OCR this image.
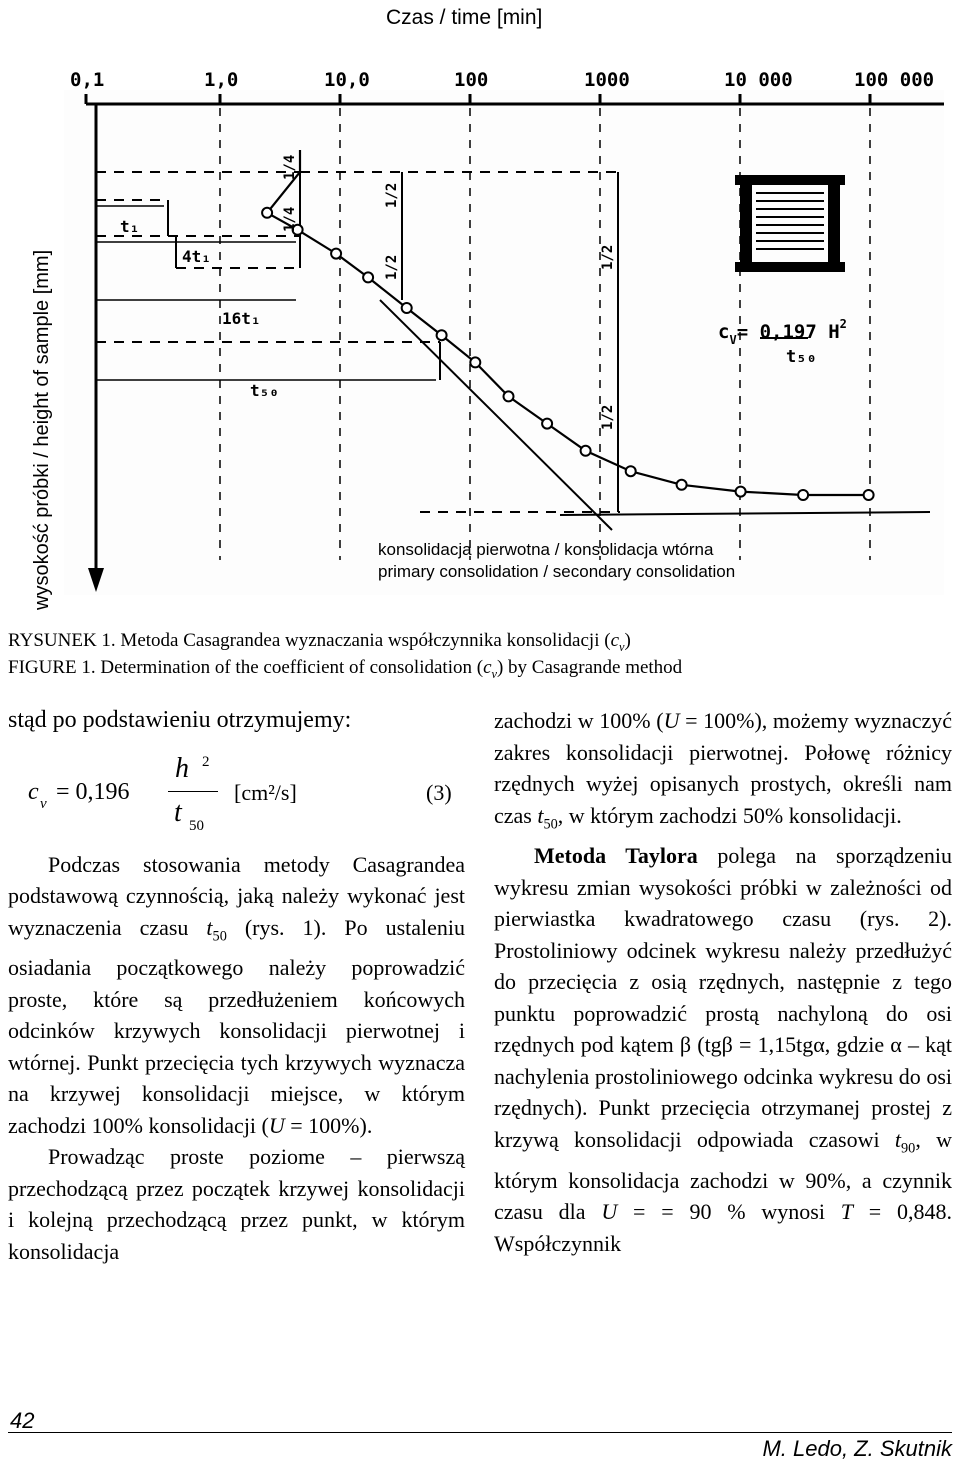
Czas / time [min]
0,1	1,0	10,0	100	1000	10 000	100 000
wysokość próbki / height of sample [mm]
t₁
4t₁
16t₁
t₅₀
1/4
1/4
1/2
1/2	1/2
1/2
$c_V= 0,197$ $H^2$
t₅₀
konsolidacja pierwotna / konsolidacja wtórna
primary consolidation / secondary consolidation
RYSUNEK 1. Metoda Casagrandea wyznaczania współczynnika konsolidacji $(c_v)$
FIGURE 1. Determination of the coefficient of consolidation $(c_v)$ by Casagrande method

stąd po podstawieniu otrzymujemy:

c v = 0,196
h 2
t 50
[cm²/s]	(3)

Podczas stosowania metody Casagrandea podstawową czynnością, jaką należy wykonać jest wyznaczenia czasu $t_{50}$ (rys. 1). Po ustaleniu osiadania początkowego należy poprowadzić proste, które są przedłużeniem końcowych odcinków krzywych konsolidacji pierwotnej i wtórnej. Punkt przecięcia tych krzywych wyznacza na krzywej konsolidacji miejsce, w którym zachodzi 100% konsolidacji (U = 100%).

Prowadząc proste poziome – pierwszą przechodzącą przez początek krzywej konsolidacji i kolejną przechodzącą przez punkt, w którym konsolidacja

zachodzi w 100% (U = 100%), możemy wyznaczyć zakres konsolidacji pierwotnej. Połowę różnicy rzędnych wyżej opisanych prostych, określi nam czas $t_{50}$, w którym zachodzi 50% konsolidacji.

Metoda Taylora polega na sporządzeniu wykresu zmian wysokości próbki w zależności od pierwiastka kwadratowego czasu (rys. 2). Prostoliniowy odcinek wykresu należy przedłużyć do przecięcia z osią rzędnych, następnie z tego punktu poprowadzić prostą nachyloną do osi rzędnych pod kątem β (tgβ = 1,15tgα, gdzie α – kąt nachylenia prostoliniowego odcinka wykresu do osi rzędnych). Punkt przecięcia otrzymanej prostej z krzywą konsolidacji odpowiada czasowi $t_{90}$, w którym konsolidacja zachodzi w 90%, a czynnik czasu dla U = = 90 % wynosi T = 0,848. Współczynnik

42
M. Ledo, Z. Skutnik
